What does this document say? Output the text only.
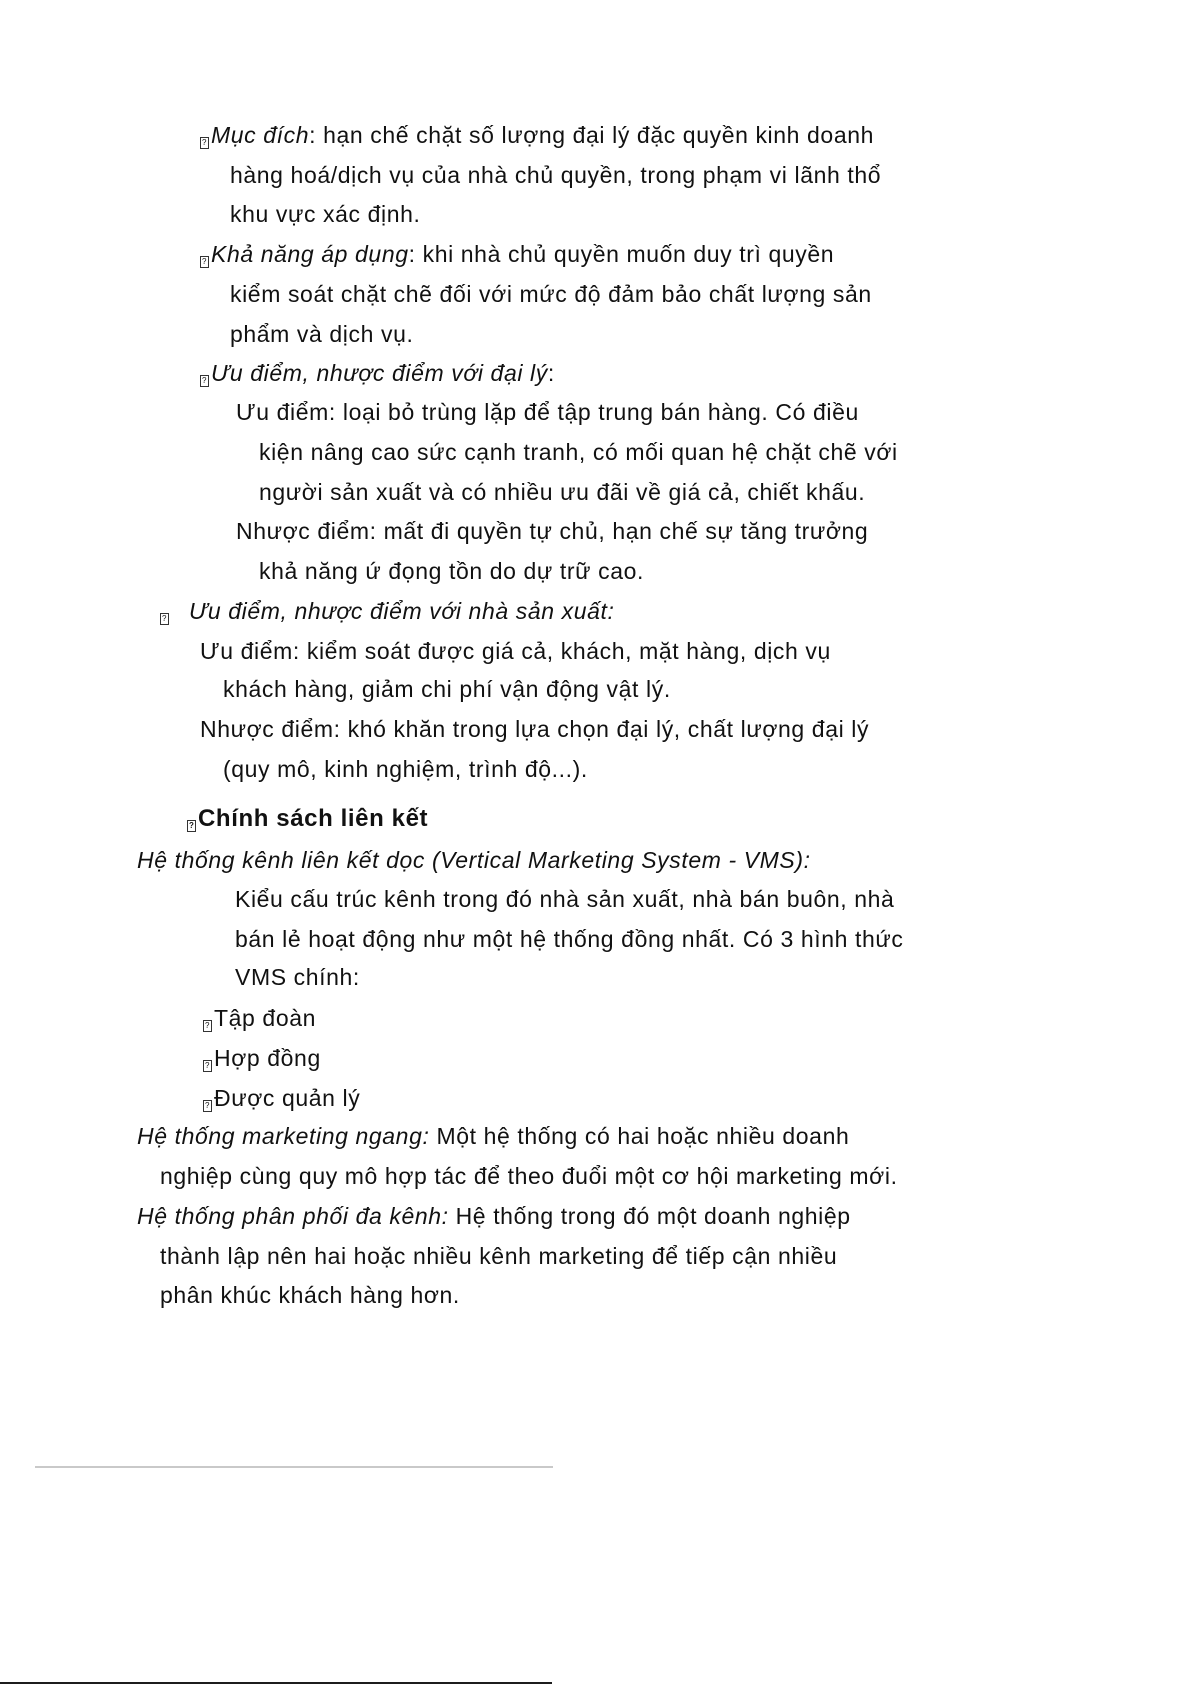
?Mục đích: hạn chế chặt số lượng đại lý đặc quyền kinh doanh
hàng hoá/dịch vụ của nhà chủ quyền, trong phạm vi lãnh thổ
khu vực xác định.
?Khả năng áp dụng: khi nhà chủ quyền muốn duy trì quyền
kiểm soát chặt chẽ đối với mức độ đảm bảo chất lượng sản
phẩm và dịch vụ.
?Ưu điểm, nhược điểm với đại lý:
Ưu điểm: loại bỏ trùng lặp để tập trung bán hàng. Có điều
kiện nâng cao sức cạnh tranh, có mối quan hệ chặt chẽ với
người sản xuất và có nhiều ưu đãi về giá cả, chiết khấu.
Nhược điểm: mất đi quyền tự chủ, hạn chế sự tăng trưởng
khả năng ứ đọng tồn do dự trữ cao.
?Ưu điểm, nhược điểm với nhà sản xuất:
Ưu điểm: kiểm soát được giá cả, khách, mặt hàng, dịch vụ
khách hàng, giảm chi phí vận động vật lý.
Nhược điểm: khó khăn trong lựa chọn đại lý, chất lượng đại lý
(quy mô, kinh nghiệm, trình độ...).
?Chính sách liên kết
Hệ thống kênh liên kết dọc (Vertical Marketing System - VMS):
Kiểu cấu trúc kênh trong đó nhà sản xuất, nhà bán buôn, nhà
bán lẻ hoạt động như một hệ thống đồng nhất. Có 3 hình thức
VMS chính:
?Tập đoàn
?Hợp đồng
?Được quản lý
Hệ thống marketing ngang: Một hệ thống có hai hoặc nhiều doanh
nghiệp cùng quy mô hợp tác để theo đuổi một cơ hội marketing mới.
Hệ thống phân phối đa kênh: Hệ thống trong đó một doanh nghiệp
thành lập nên hai hoặc nhiều kênh marketing để tiếp cận nhiều
phân khúc khách hàng hơn.
